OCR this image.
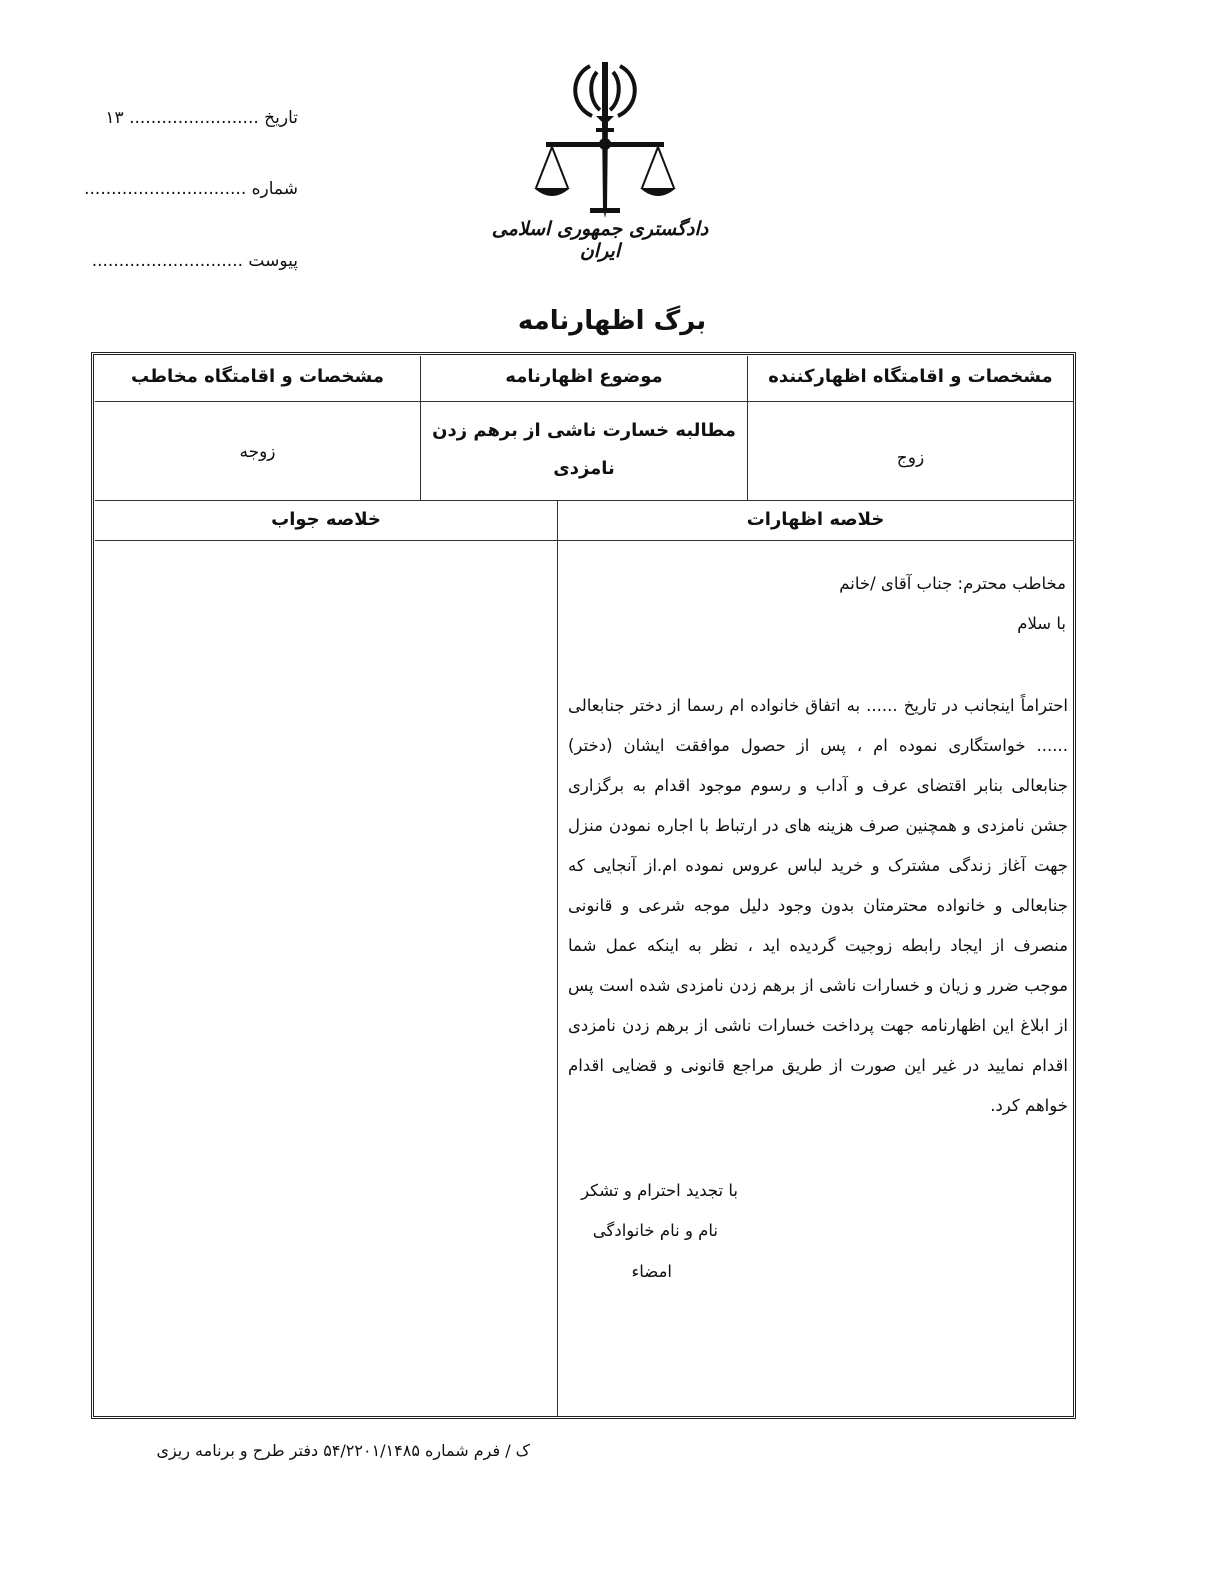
تاریخ ........................ ۱۳
شماره ..............................
پیوست ............................
دادگستری جمهوری اسلامی ایران
برگ اظهارنامه
مشخصات و اقامتگاه اظهارکننده
موضوع اظهارنامه
مشخصات و اقامتگاه مخاطب
زوج
مطالبه خسارت ناشی از برهم زدن
نامزدی
زوجه
خلاصه اظهارات
خلاصه جواب
مخاطب محترم: جناب آقای /خانم
با سلام
احتراماً اینجانب در تاریخ ...... به اتفاق خانواده ام رسما از دختر جنابعالی ...... خواستگاری نموده ام ، پس از حصول موافقت ایشان (دختر) جنابعالی بنابر اقتضای عرف و آداب و رسوم موجود اقدام به برگزاری جشن نامزدی و همچنین صرف هزینه های در ارتباط با اجاره نمودن منزل جهت آغاز زندگی مشترک و خرید لباس عروس نموده ام.از آنجایی که جنابعالی و خانواده محترمتان بدون وجود دلیل موجه شرعی و قانونی منصرف از ایجاد رابطه زوجیت گردیده اید ، نظر به اینکه عمل شما موجب ضرر و زیان و خسارات ناشی از برهم زدن نامزدی شده است پس از ابلاغ این اظهارنامه جهت پرداخت خسارات ناشی از برهم زدن نامزدی اقدام نمایید در غیر این صورت از طریق مراجع قانونی و قضایی اقدام خواهم کرد.
با تجدید احترام و تشکر
نام و نام خانوادگی
امضاء
ک / فرم شماره ۵۴/۲۲۰۱/۱۴۸۵ دفتر طرح و برنامه ریزی
